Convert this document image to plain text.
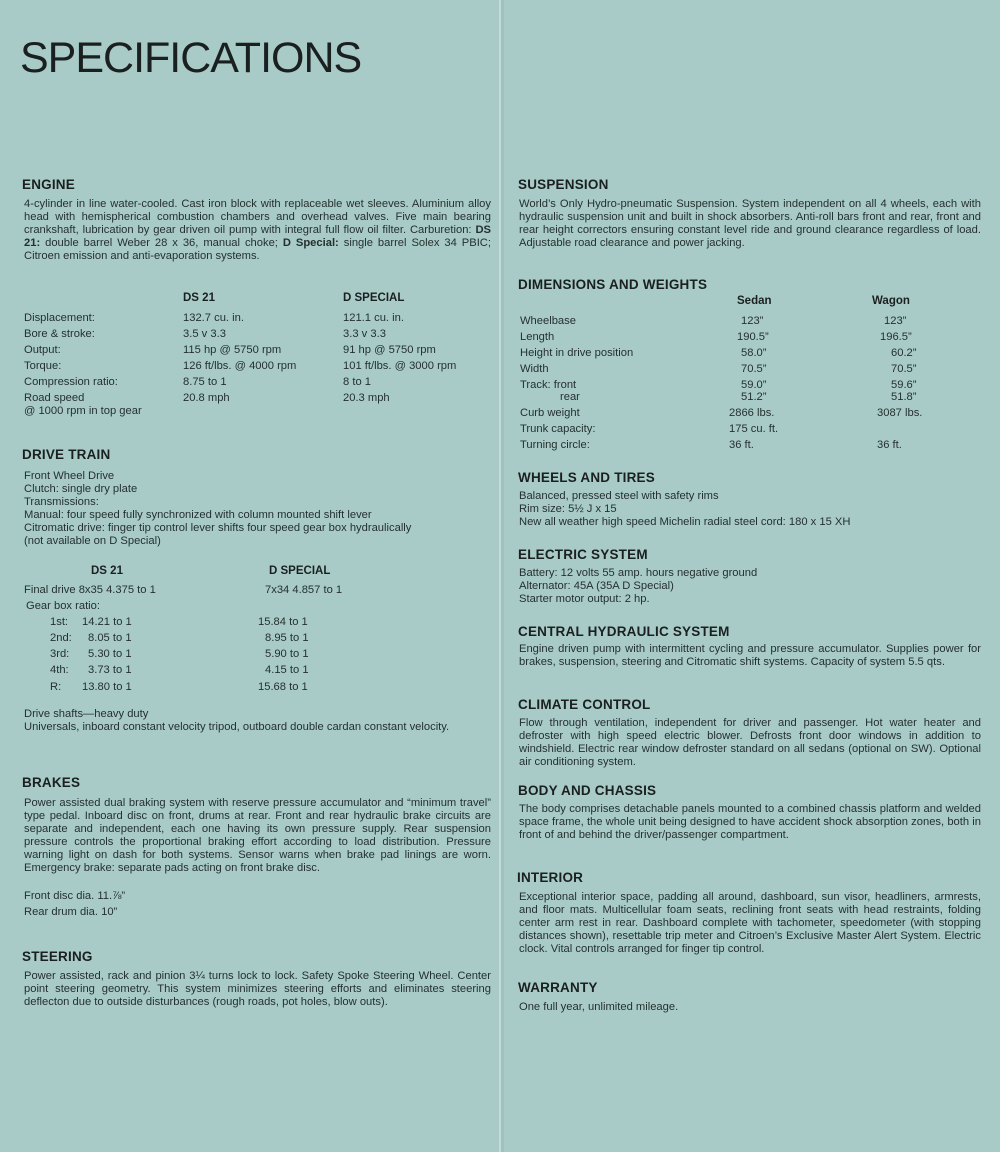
SPECIFICATIONS
ENGINE

4-cylinder in line water-cooled. Cast iron block with replaceable wet sleeves. Aluminium alloy head with hemispherical combustion chambers and overhead valves. Five main bearing crankshaft, lubrication by gear driven oil pump with integral full flow oil filter. Carburetion: DS 21: double barrel Weber 28 x 36, manual choke; D Special: single barrel Solex 34 PBIC; Citroen emission and anti-evaporation systems.

DS 21	D SPECIAL
Displacement:	132.7 cu. in.	121.1 cu. in.
Bore & stroke:	3.5 v 3.3	3.3 v 3.3
Output:	115 hp @ 5750 rpm	91 hp @ 5750 rpm
Torque:	126 ft/lbs. @ 4000 rpm	101 ft/lbs. @ 3000 rpm
Compression ratio:	8.75 to 1	8 to 1
Road speed	20.8 mph	20.3 mph
@ 1000 rpm in top gear
DRIVE TRAIN
Front Wheel Drive
Clutch: single dry plate
Transmissions:
Manual: four speed fully synchronized with column mounted shift lever
Citromatic drive: finger tip control lever shifts four speed gear box hydraulically
(not available on D Special)
DS 21	D SPECIAL
Final drive 8x35 4.375 to 1	7x34 4.857 to 1
Gear box ratio:
1st: 14.21 to 1	15.84 to 1
2nd: 8.05 to 1	8.95 to 1
3rd: 5.30 to 1	5.90 to 1
4th: 3.73 to 1	4.15 to 1
R: 13.80 to 1	15.68 to 1
Drive shafts—heavy duty

Universals, inboard constant velocity tripod, outboard double cardan constant velocity.

BRAKES

Power assisted dual braking system with reserve pressure accumulator and “minimum travel” type pedal. Inboard disc on front, drums at rear. Front and rear hydraulic brake circuits are separate and independent, each one having its own pressure supply. Rear suspension pressure controls the proportional braking effort according to load distribution. Pressure warning light on dash for both systems. Sensor warns when brake pad linings are worn. Emergency brake: separate pads acting on front brake disc.

Front disc dia. 11.⅞”
Rear drum dia. 10”
STEERING

Power assisted, rack and pinion 3¼ turns lock to lock. Safety Spoke Steering Wheel. Center point steering geometry. This system minimizes steering efforts and eliminates steering deflecton due to outside disturbances (rough roads, pot holes, blow outs).

SUSPENSION

World’s Only Hydro-pneumatic Suspension. System independent on all 4 wheels, each with hydraulic suspension unit and built in shock absorbers. Anti-roll bars front and rear, front and rear height correctors ensuring constant level ride and ground clearance regardless of load. Adjustable road clearance and power jacking.

DIMENSIONS AND WEIGHTS
Sedan	Wagon
Wheelbase	123”	123”
Length	190.5”	196.5”
Height in drive position	58.0”	60.2”
Width	70.5”	70.5”
Track: front	59.0”	59.6”
rear	51.2”	51.8”
Curb weight	2866 lbs.	3087 lbs.
Trunk capacity:	175 cu. ft.
Turning circle:	36 ft.	36 ft.
WHEELS AND TIRES
Balanced, pressed steel with safety rims
Rim size: 5½ J x 15
New all weather high speed Michelin radial steel cord: 180 x 15 XH
ELECTRIC SYSTEM
Battery: 12 volts 55 amp. hours negative ground
Alternator: 45A (35A D Special)
Starter motor output: 2 hp.
CENTRAL HYDRAULIC SYSTEM

Engine driven pump with intermittent cycling and pressure accumulator. Supplies power for brakes, suspension, steering and Citromatic shift systems. Capacity of system 5.5 qts.

CLIMATE CONTROL

Flow through ventilation, independent for driver and passenger. Hot water heater and defroster with high speed electric blower. Defrosts front door windows in addition to windshield. Electric rear window defroster standard on all sedans (optional on SW). Optional air conditioning system.

BODY AND CHASSIS

The body comprises detachable panels mounted to a combined chassis platform and welded space frame, the whole unit being designed to have accident shock absorption zones, both in front of and behind the driver/passenger compartment.

INTERIOR

Exceptional interior space, padding all around, dashboard, sun visor, headliners, armrests, and floor mats. Multicellular foam seats, reclining front seats with head restraints, folding center arm rest in rear. Dashboard complete with tachometer, speedometer (with stopping distances shown), resettable trip meter and Citroen’s Exclusive Master Alert System. Electric clock. Vital controls arranged for finger tip control.

WARRANTY

One full year, unlimited mileage.
